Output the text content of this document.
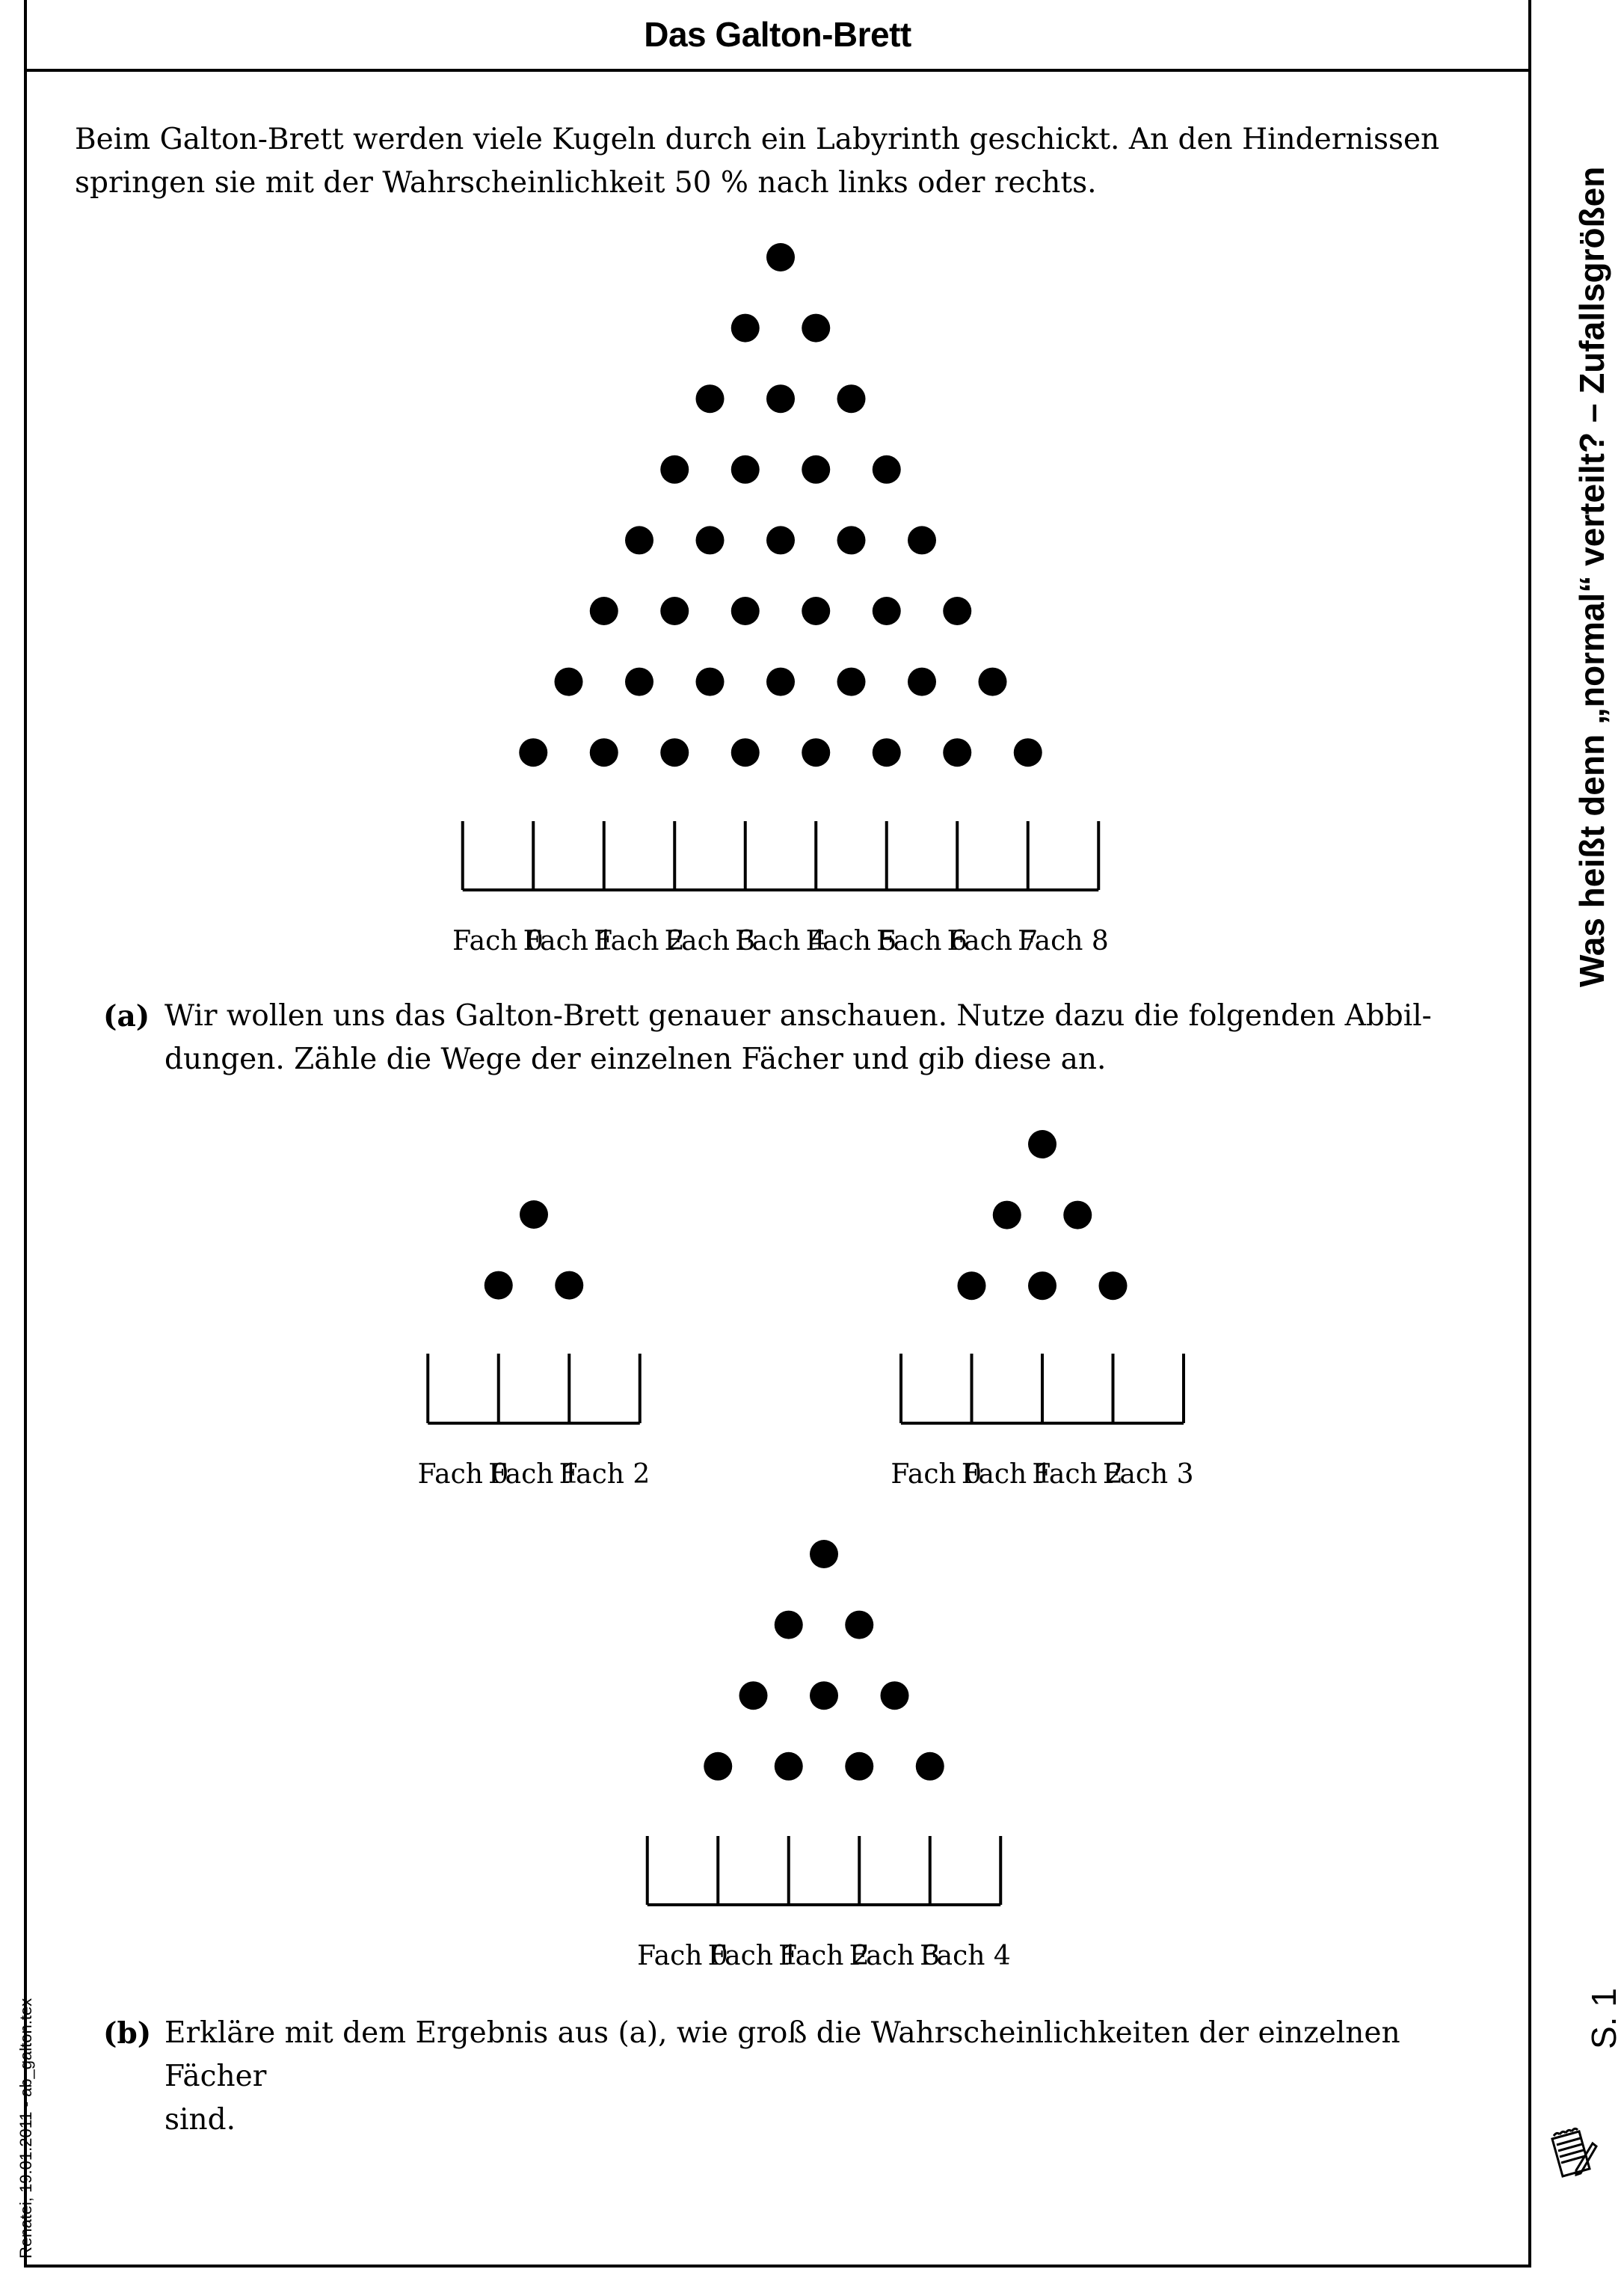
Das Galton-Brett
Beim Galton-Brett werden viele Kugeln durch ein Labyrinth geschickt. An den Hindernissen
springen sie mit der Wahrscheinlichkeit 50 % nach links oder rechts.
(a) Wir wollen uns das Galton-Brett genauer anschauen. Nutze dazu die folgenden Abbil-
dungen. Zähle die Wege der einzelnen Fächer und gib diese an.
(b) Erkläre mit dem Ergebnis aus (a), wie groß die Wahrscheinlichkeiten der einzelnen Fächer
sind.
Fach 0
Fach 1
Fach 2
Fach 3
Fach 4
Fach 5
Fach 6
Fach 7
Fach 8
Fach 0
Fach 1
Fach 2	Fach 0
Fach 1
Fach 2
Fach 3
Fach 0
Fach 1
Fach 2
Fach 3
Fach 4
Was heißt denn „normal“ verteilt? – Zufallsgrößen
S. 1
Renatei, 19.01.2011 - ab_galton.tex
